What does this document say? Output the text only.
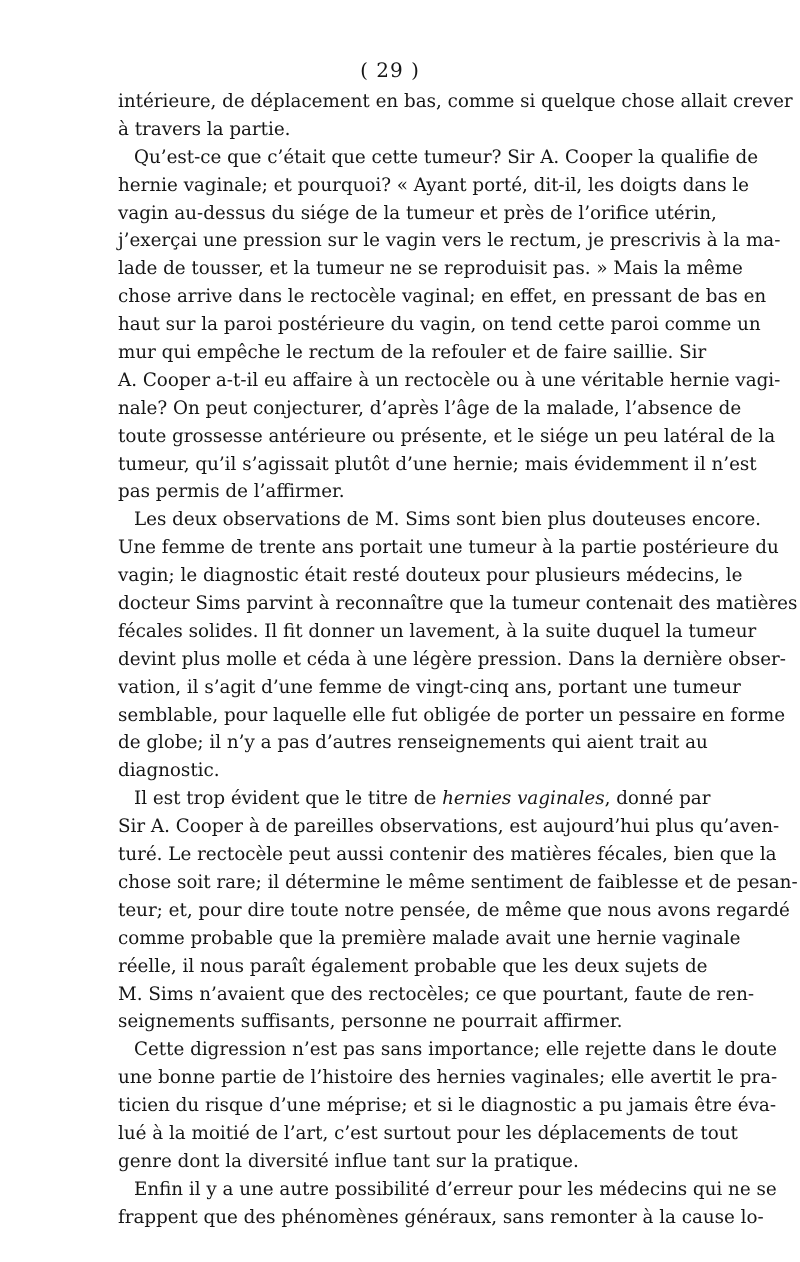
( 29 )
intérieure, de déplacement en bas, comme si quelque chose allait crever
à travers la partie.
Qu’est-ce que c’était que cette tumeur? Sir A. Cooper la qualifie de
hernie vaginale; et pourquoi? « Ayant porté, dit-il, les doigts dans le
vagin au-dessus du siége de la tumeur et près de l’orifice utérin,
j’exerçai une pression sur le vagin vers le rectum, je prescrivis à la ma-
lade de tousser, et la tumeur ne se reproduisit pas. » Mais la même
chose arrive dans le rectocèle vaginal; en effet, en pressant de bas en
haut sur la paroi postérieure du vagin, on tend cette paroi comme un
mur qui empêche le rectum de la refouler et de faire saillie. Sir
A. Cooper a-t-il eu affaire à un rectocèle ou à une véritable hernie vagi-
nale? On peut conjecturer, d’après l’âge de la malade, l’absence de
toute grossesse antérieure ou présente, et le siége un peu latéral de la
tumeur, qu’il s’agissait plutôt d’une hernie; mais évidemment il n’est
pas permis de l’affirmer.
Les deux observations de M. Sims sont bien plus douteuses encore.
Une femme de trente ans portait une tumeur à la partie postérieure du
vagin; le diagnostic était resté douteux pour plusieurs médecins, le
docteur Sims parvint à reconnaître que la tumeur contenait des matières
fécales solides. Il fit donner un lavement, à la suite duquel la tumeur
devint plus molle et céda à une légère pression. Dans la dernière obser-
vation, il s’agit d’une femme de vingt-cinq ans, portant une tumeur
semblable, pour laquelle elle fut obligée de porter un pessaire en forme
de globe; il n’y a pas d’autres renseignements qui aient trait au
diagnostic.
Il est trop évident que le titre de hernies vaginales, donné par
Sir A. Cooper à de pareilles observations, est aujourd’hui plus qu’aven-
turé. Le rectocèle peut aussi contenir des matières fécales, bien que la
chose soit rare; il détermine le même sentiment de faiblesse et de pesan-
teur; et, pour dire toute notre pensée, de même que nous avons regardé
comme probable que la première malade avait une hernie vaginale
réelle, il nous paraît également probable que les deux sujets de
M. Sims n’avaient que des rectocèles; ce que pourtant, faute de ren-
seignements suffisants, personne ne pourrait affirmer.
Cette digression n’est pas sans importance; elle rejette dans le doute
une bonne partie de l’histoire des hernies vaginales; elle avertit le pra-
ticien du risque d’une méprise; et si le diagnostic a pu jamais être éva-
lué à la moitié de l’art, c’est surtout pour les déplacements de tout
genre dont la diversité influe tant sur la pratique.
Enfin il y a une autre possibilité d’erreur pour les médecins qui ne se
frappent que des phénomènes généraux, sans remonter à la cause lo-
